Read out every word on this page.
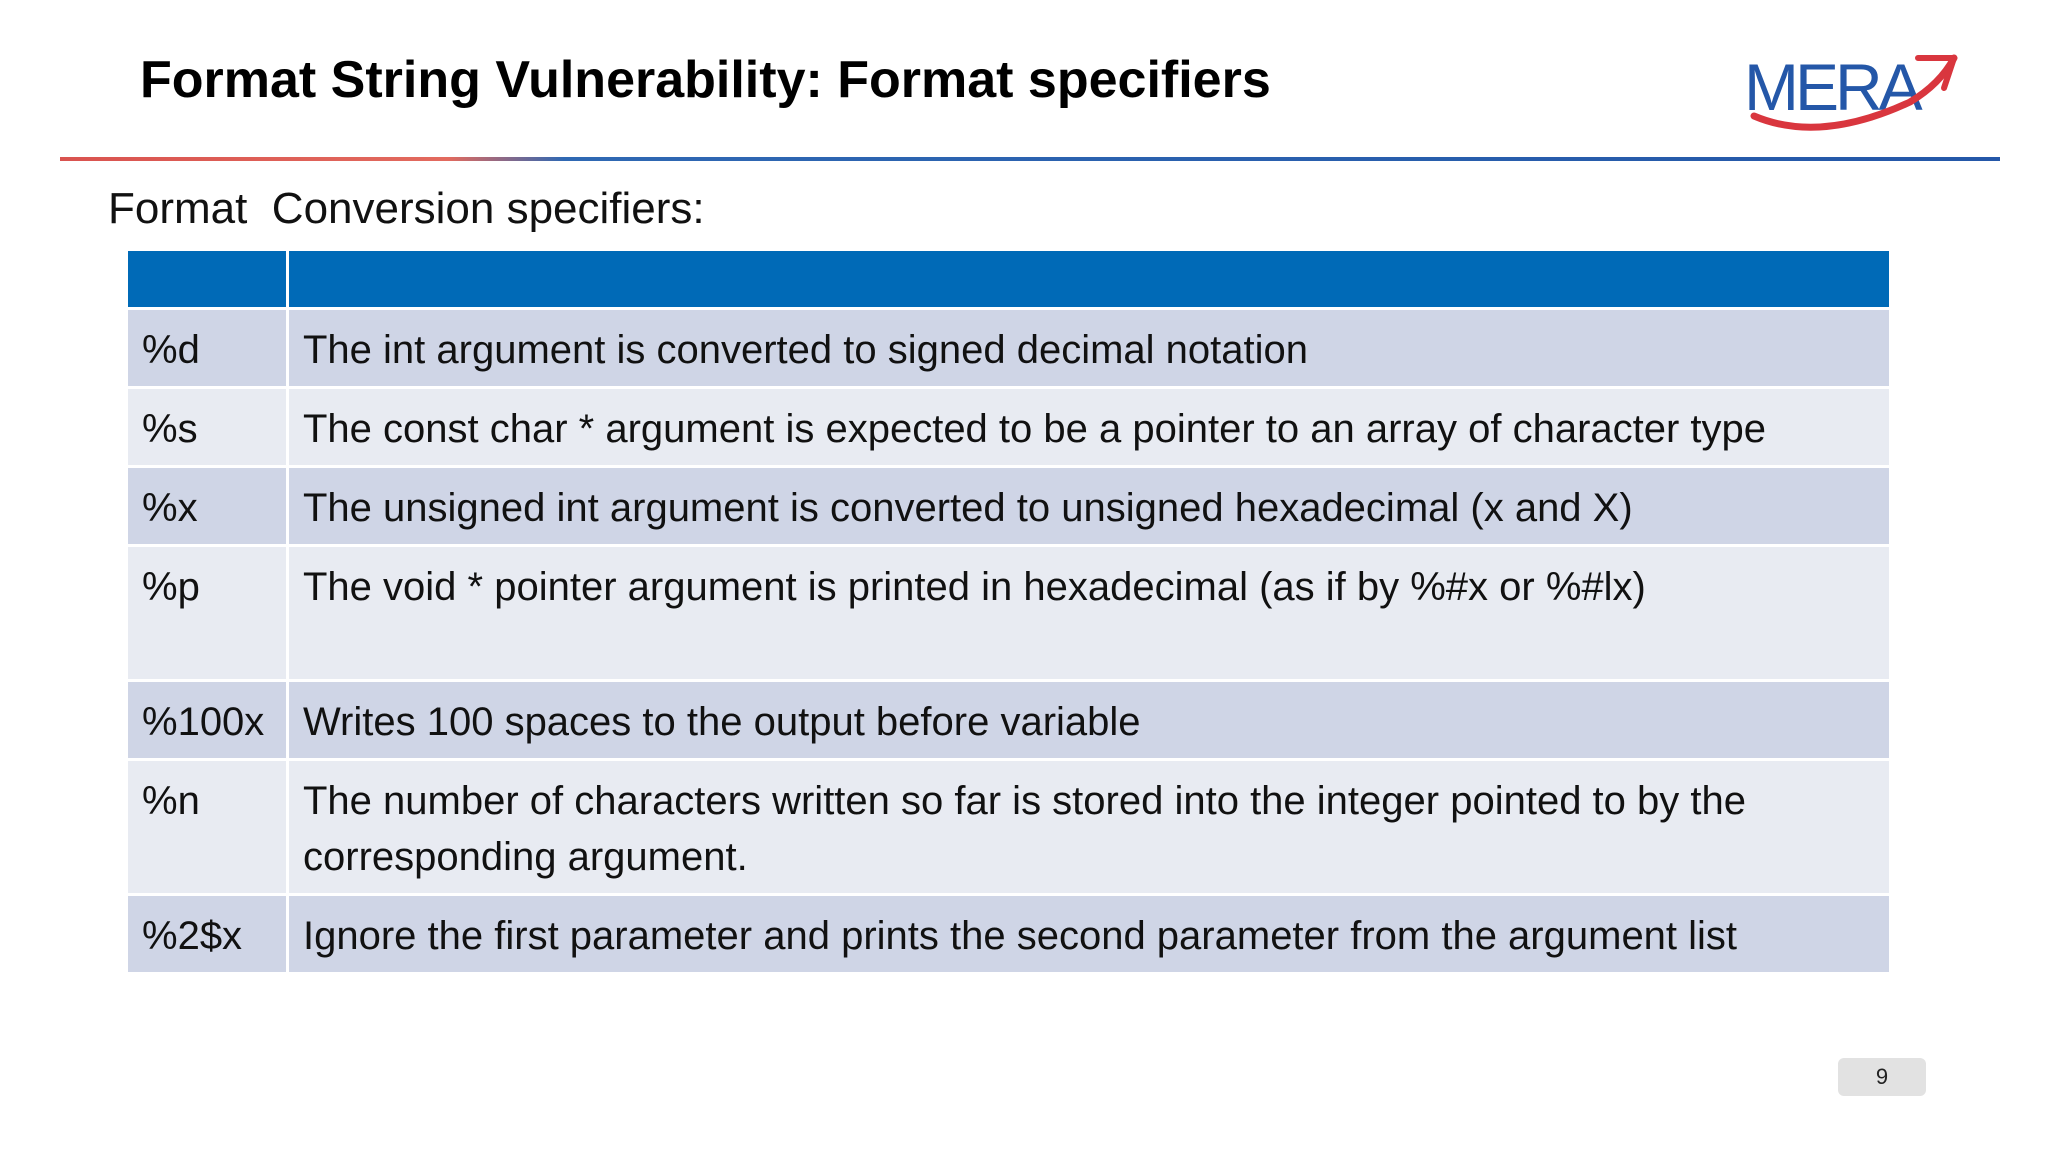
Format String Vulnerability: Format specifiers	MERA
Format  Conversion specifiers:

%d	The int argument is converted to signed decimal notation
%s	The const char * argument is expected to be a pointer to an array of character type
%x	The unsigned int argument is converted to unsigned hexadecimal (x and X)
%p	The void * pointer argument is printed in hexadecimal (as if by %#x or %#lx)
%100x	Writes 100 spaces to the output before variable
%n	The number of characters written so far is stored into the integer pointed to by the corresponding argument.
%2$x	Ignore the first parameter and prints the second parameter from the argument list
9
